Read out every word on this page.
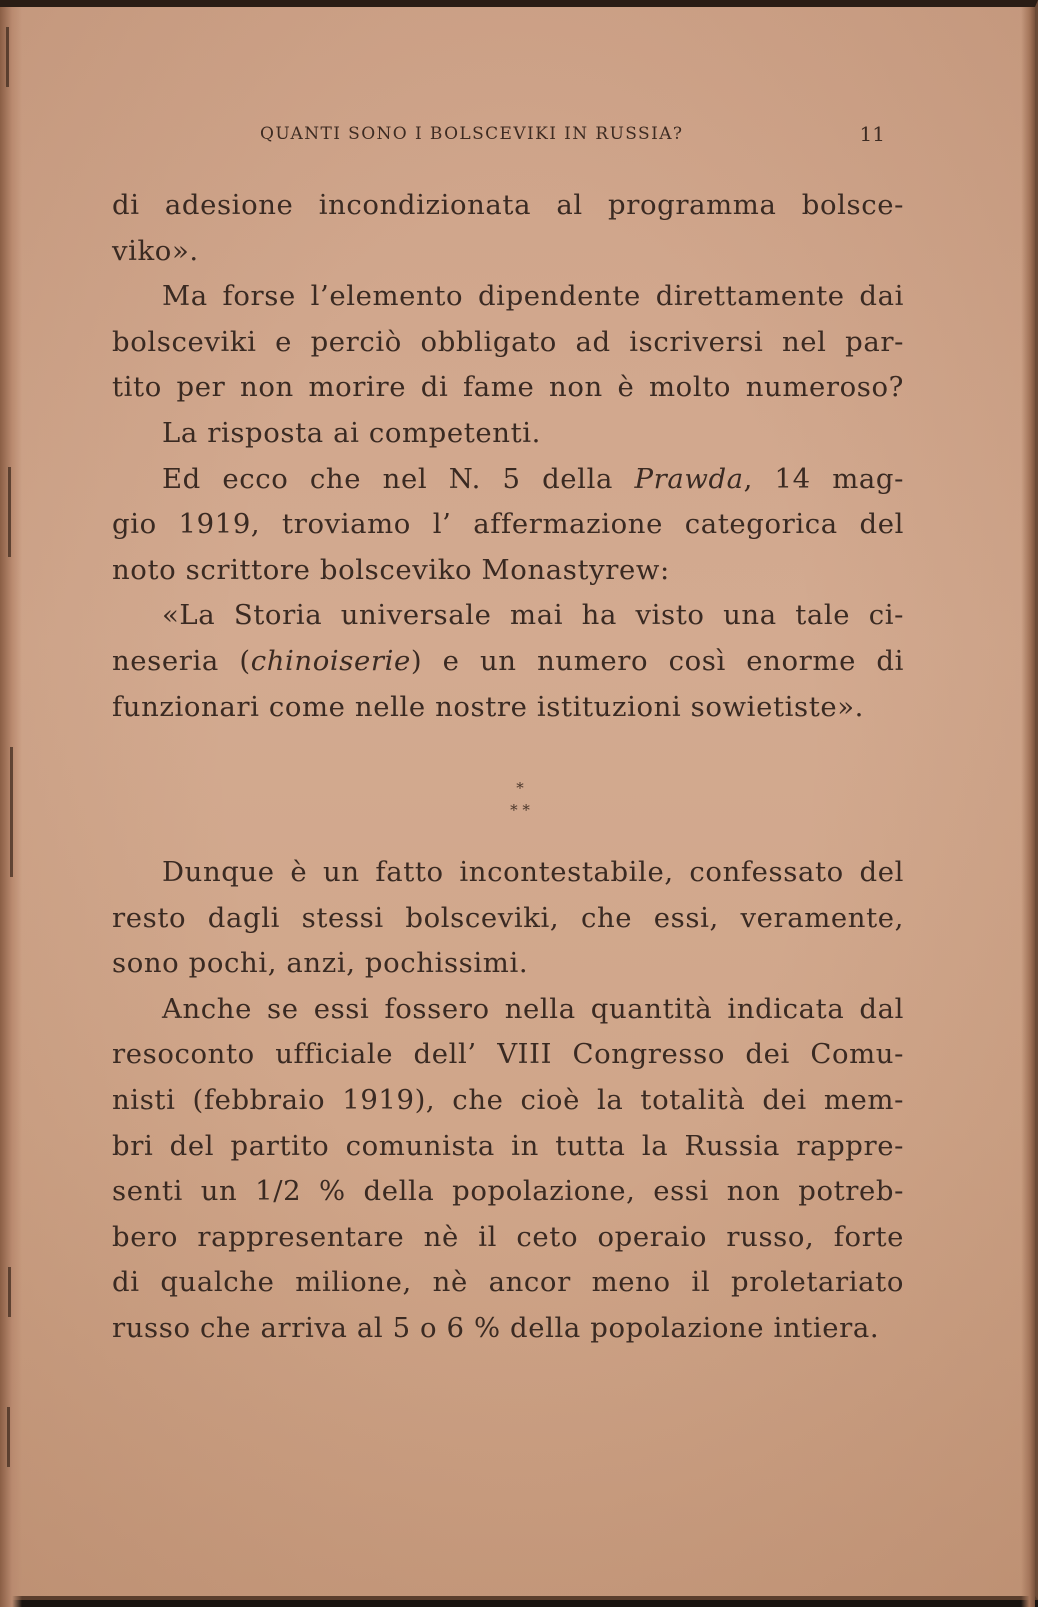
QUANTI SONO I BOLSCEVIKI IN RUSSIA?	11
di adesione incondizionata al programma bolsce-
viko».
Ma forse l’elemento dipendente direttamente dai
bolsceviki e perciò obbligato ad iscriversi nel par-
tito per non morire di fame non è molto numeroso?
La risposta ai competenti.
Ed ecco che nel N. 5 della Prawda, 14 mag-
gio 1919, troviamo l’ affermazione categorica del
noto scrittore bolsceviko Monastyrew:
«La Storia universale mai ha visto una tale ci-
neseria (chinoiserie) e un numero così enorme di
funzionari come nelle nostre istituzioni sowietiste».
*
* *
Dunque è un fatto incontestabile, confessato del
resto dagli stessi bolsceviki, che essi, veramente,
sono pochi, anzi, pochissimi.
Anche se essi fossero nella quantità indicata dal
resoconto ufficiale dell’ VIII Congresso dei Comu-
nisti (febbraio 1919), che cioè la totalità dei mem-
bri del partito comunista in tutta la Russia rappre-
senti un 1/2 % della popolazione, essi non potreb-
bero rappresentare nè il ceto operaio russo, forte
di qualche milione, nè ancor meno il proletariato
russo che arriva al 5 o 6 % della popolazione intiera.
